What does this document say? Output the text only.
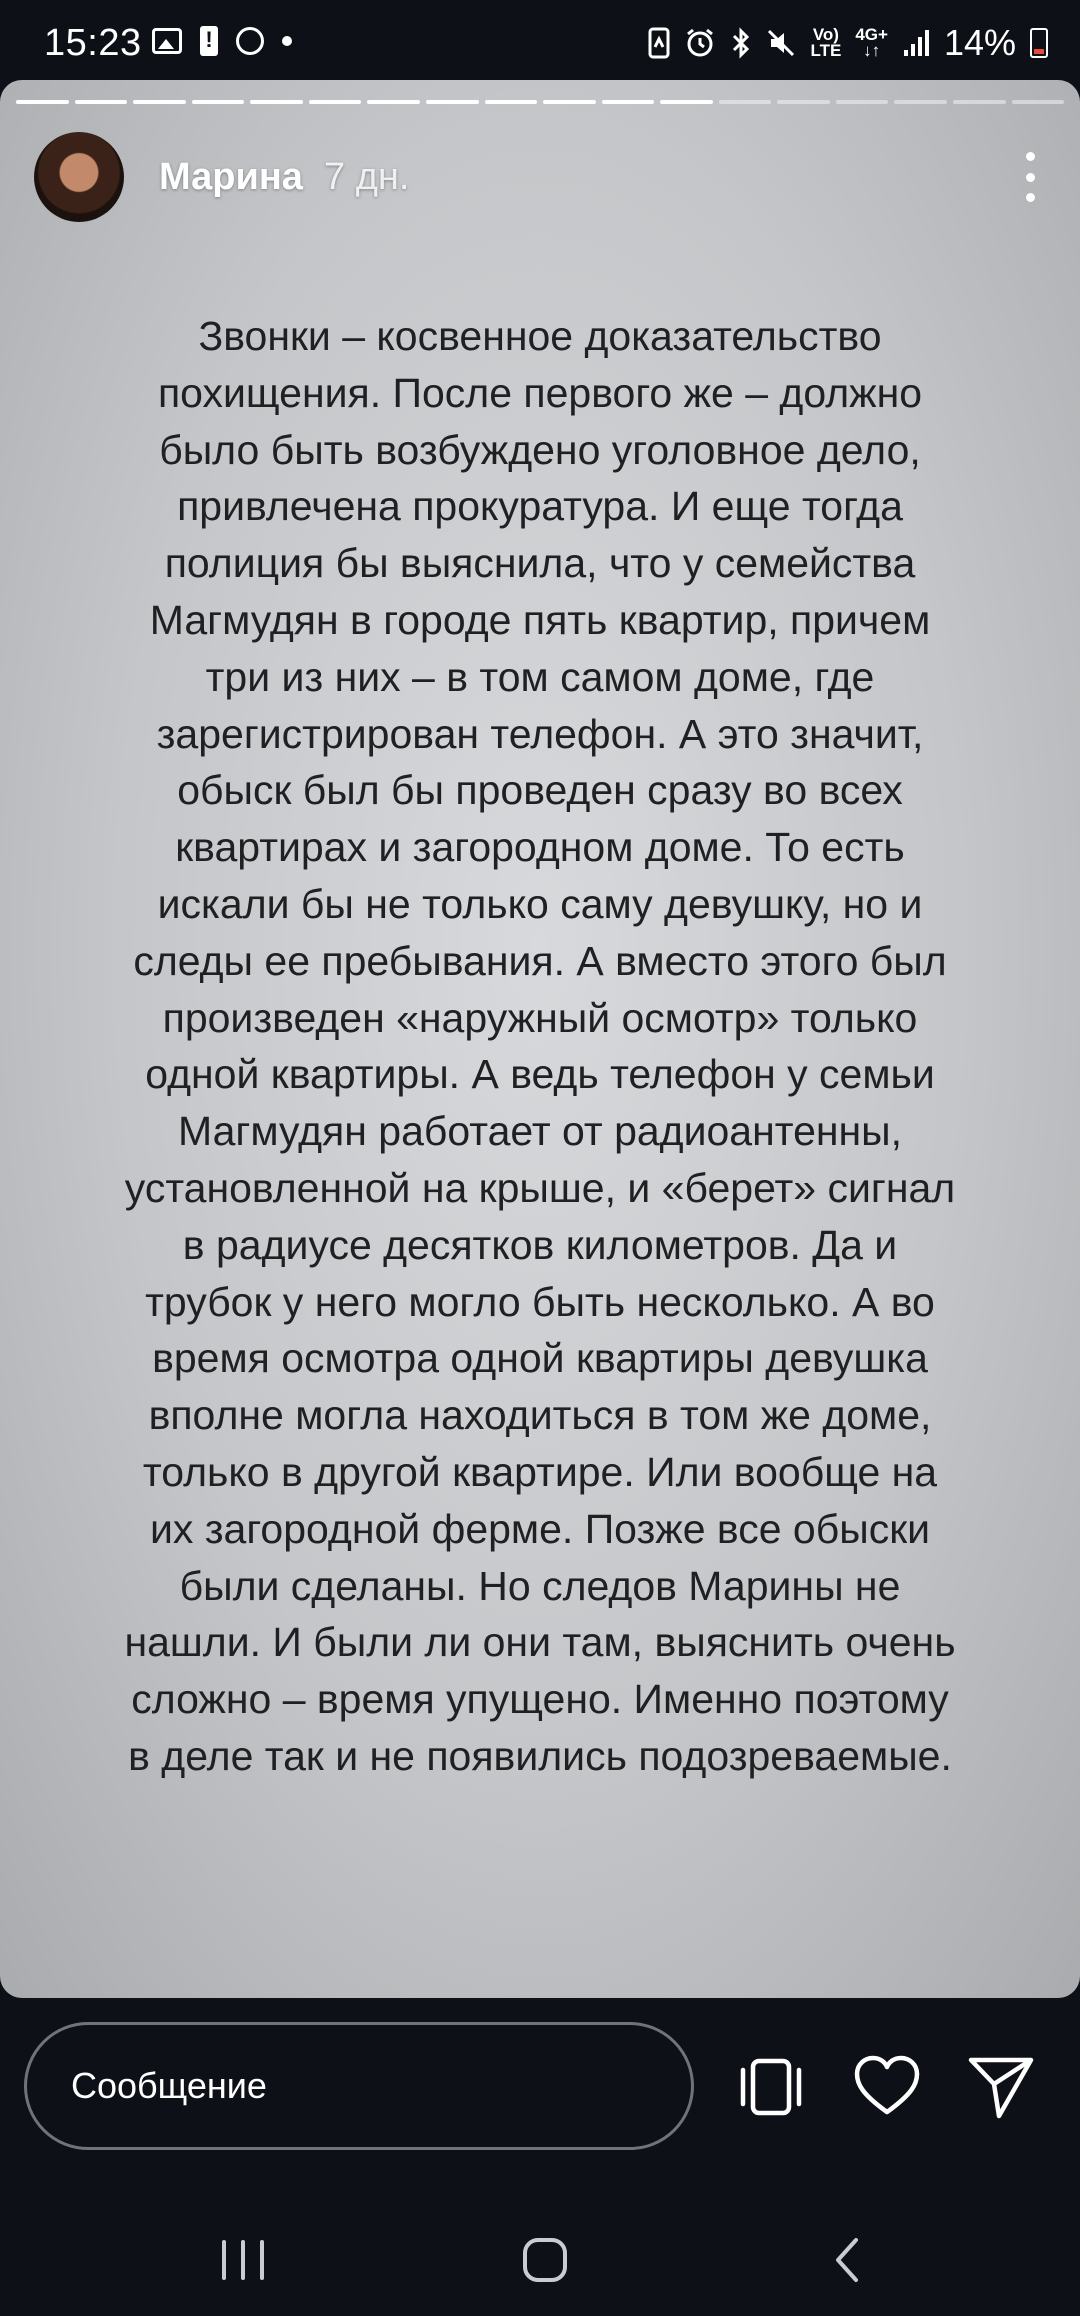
15:23
!	Vo)
LTE
4G+
↓↑ 14%
Марина 7 дн.
Звонки – косвенное доказательство
похищения. После первого же – должно
было быть возбуждено уголовное дело,
привлечена прокуратура. И еще тогда
полиция бы выяснила, что у семейства
Магмудян в городе пять квартир, причем
три из них – в том самом доме, где
зарегистрирован телефон. А это значит,
обыск был бы проведен сразу во всех
квартирах и загородном доме. То есть
искали бы не только саму девушку, но и
следы ее пребывания. А вместо этого был
произведен «наружный осмотр» только
одной квартиры. А ведь телефон у семьи
Магмудян работает от радиоантенны,
установленной на крыше, и «берет» сигнал
в радиусе десятков километров. Да и
трубок у него могло быть несколько. А во
время осмотра одной квартиры девушка
вполне могла находиться в том же доме,
только в другой квартире. Или вообще на
их загородной ферме. Позже все обыски
были сделаны. Но следов Марины не
нашли. И были ли они там, выяснить очень
сложно – время упущено. Именно поэтому
в деле так и не появились подозреваемые.
Сообщение
